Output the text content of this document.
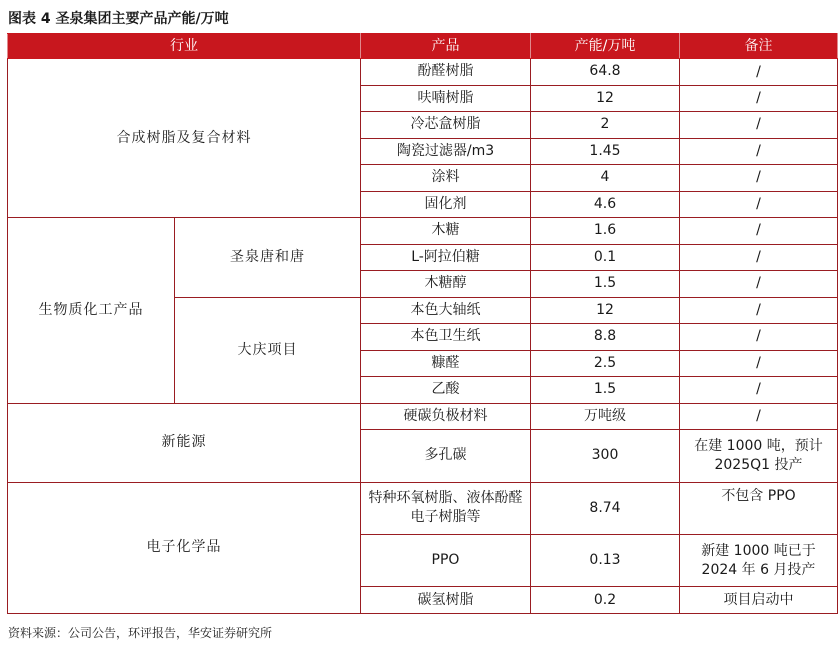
图表 4 圣泉集团主要产品产能/万吨
行业		产品	产能/万吨	备注
合成树脂及复合材料		酚醛树脂	64.8	/
		呋喃树脂	12	/
		冷芯盒树脂	2	/
		陶瓷过滤器/m3	1.45	/
		涂料	4	/
		固化剂	4.6	/
生物质化工产品	圣泉唐和唐	木糖	1.6	/
		L-阿拉伯糖	0.1	/
		木糖醇	1.5	/
	大庆项目	本色大轴纸	12	/
		本色卫生纸	8.8	/
		糠醛	2.5	/
		乙酸	1.5	/
新能源		硬碳负极材料	万吨级	/
		多孔碳	300	在建 1000 吨，预计 2025Q1 投产
电子化学品		特种环氧树脂、液体酚醛电子树脂等	8.74	不包含 PPO
		PPO	0.13	新建 1000 吨已于 2024 年 6 月投产
		碳氢树脂	0.2	项目启动中
资料来源：公司公告，环评报告，华安证券研究所
